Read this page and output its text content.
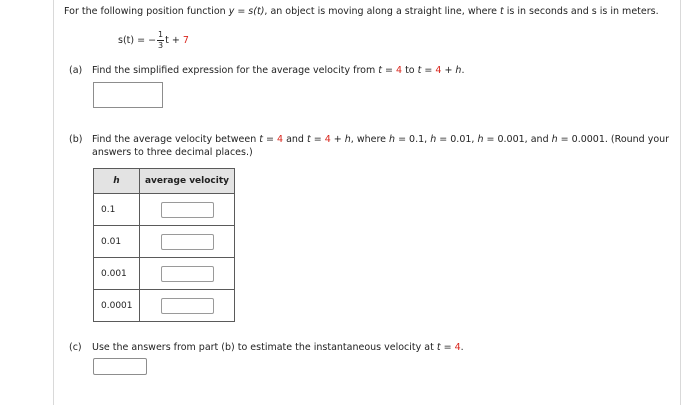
For the following position function y = s(t), an object is moving along a straight line, where t is in seconds and s is in meters.
s(t) = − $\frac{1}{3}$ t + 7
(a) Find the simplified expression for the average velocity from t = 4 to t = 4 + h.
(b) Find the average velocity between t = 4 and t = 4 + h, where h = 0.1, h = 0.01, h = 0.001, and h = 0.0001. (Round your
answers to three decimal places.)
h	average velocity
0.1	

0.01	

0.001	

0.0001	
(c) Use the answers from part (b) to estimate the instantaneous velocity at t = 4.
